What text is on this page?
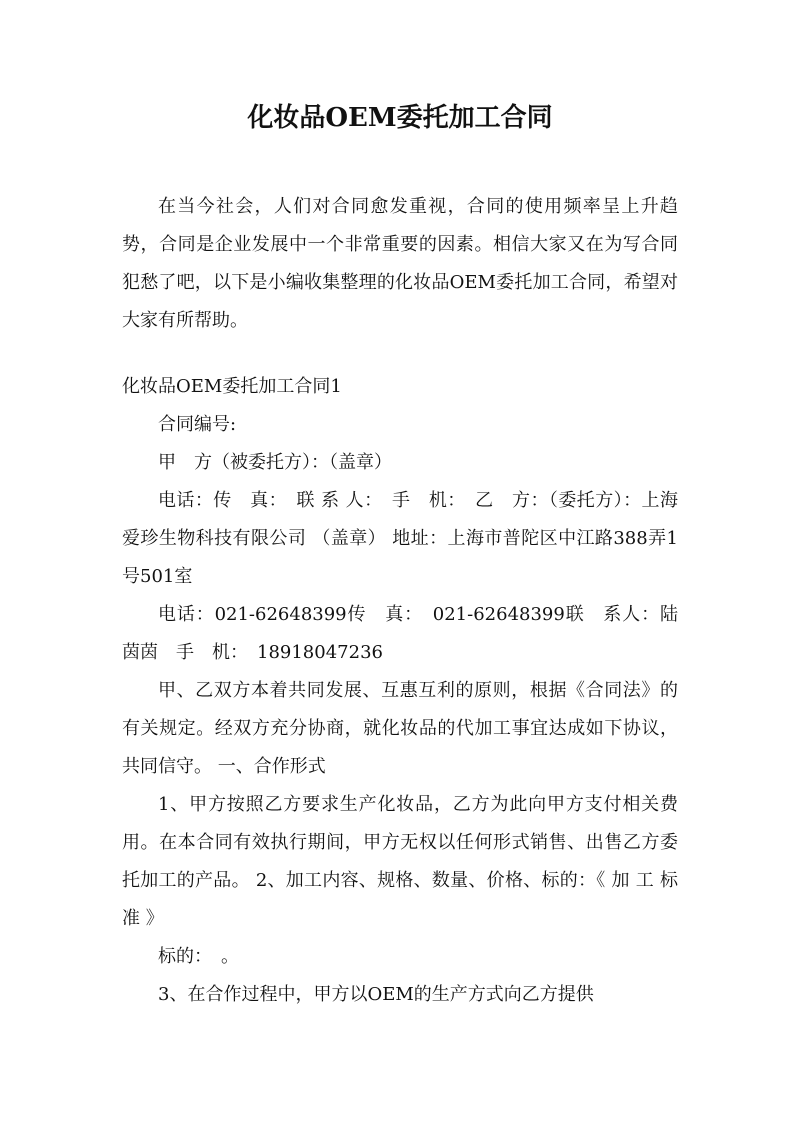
化妆品OEM委托加工合同

在当今社会，人们对合同愈发重视，合同的使用频率呈上升趋势，合同是企业发展中一个非常重要的因素。相信大家又在为写合同犯愁了吧，以下是小编收集整理的化妆品OEM委托加工合同，希望对大家有所帮助。

化妆品OEM委托加工合同1

合同编号:

甲　方（被委托方）：（盖章）

电话：传　真：　联 系 人：　手　机：　乙　方：（委托方）：上海爱珍生物科技有限公司 （盖章） 地址：上海市普陀区中江路388弄1号501室

电话：021-62648399传　真：　021-62648399联　系人：陆茵茵　手　机：　18918047236

甲、乙双方本着共同发展、互惠互利的原则，根据《合同法》的有关规定。经双方充分协商，就化妆品的代加工事宜达成如下协议，共同信守。 一、合作形式

1、甲方按照乙方要求生产化妆品，乙方为此向甲方支付相关费用。在本合同有效执行期间，甲方无权以任何形式销售、出售乙方委托加工的产品。 2、加工内容、规格、数量、价格、标的：《 加 工 标 准 》

标的：　。

3、在合作过程中，甲方以OEM的生产方式向乙方提供
